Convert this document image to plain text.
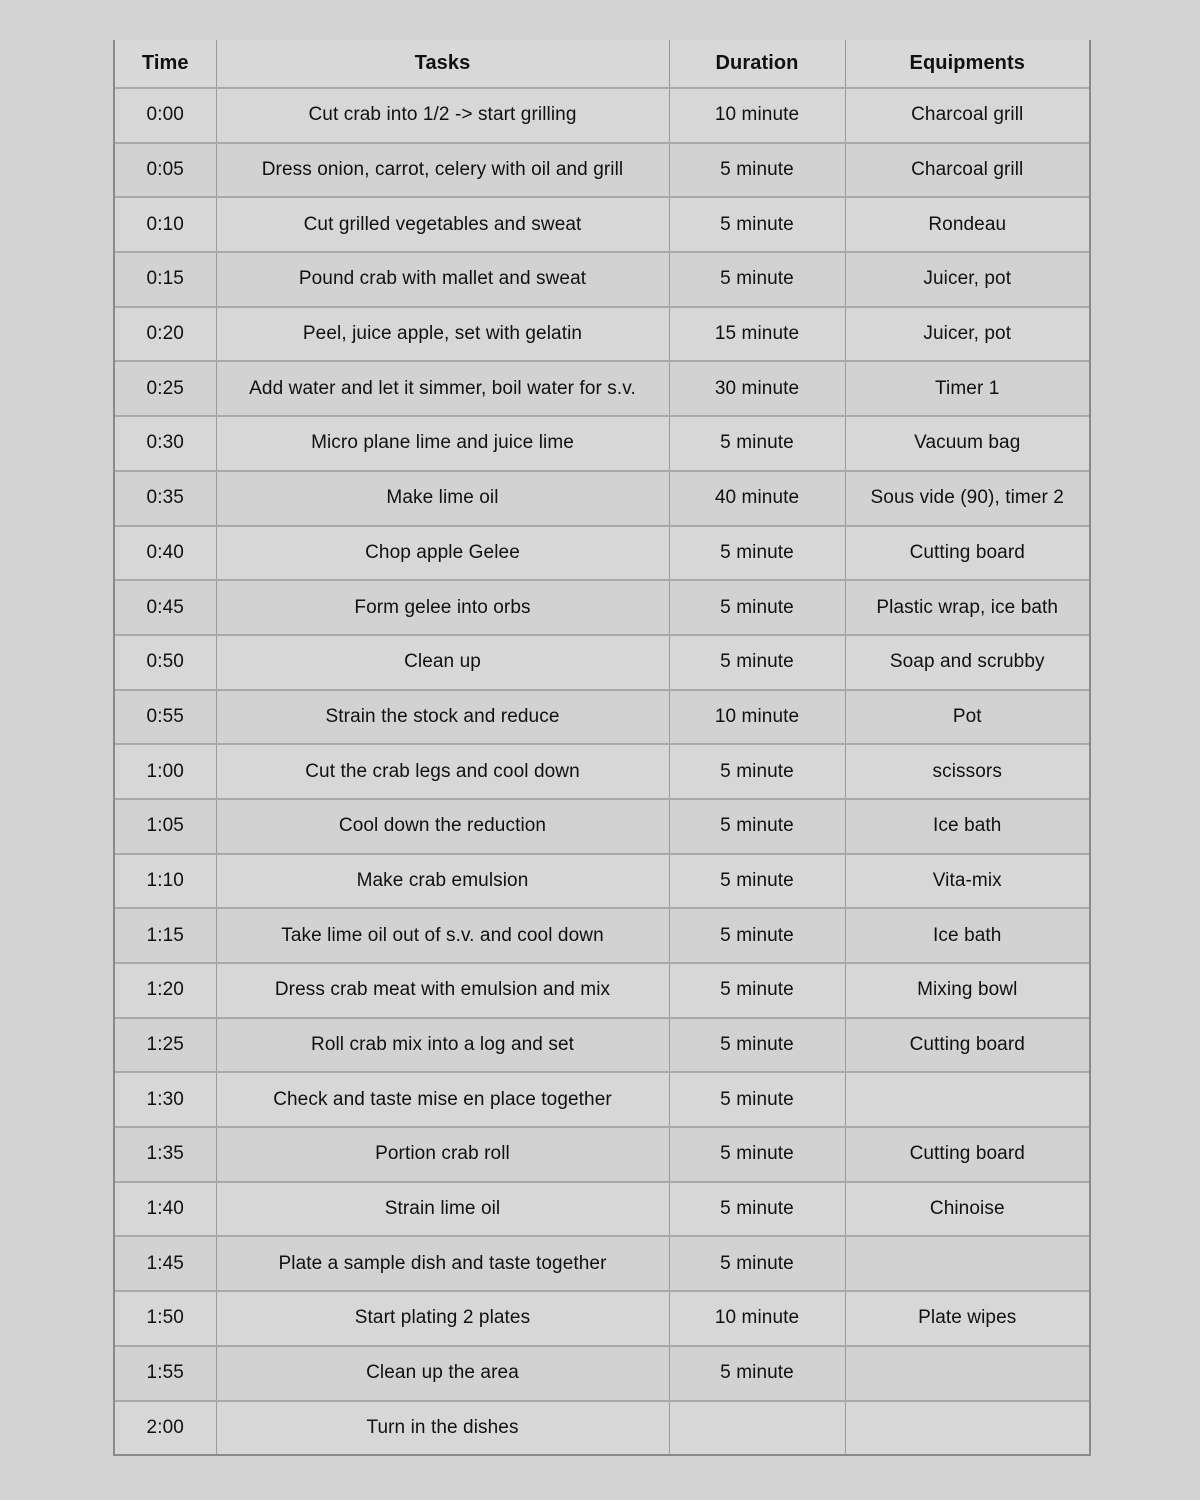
Time	Tasks	Duration	Equipments
0:00	Cut crab into 1/2 -> start grilling	10 minute	Charcoal grill
0:05	Dress onion, carrot, celery with oil and grill	5 minute	Charcoal grill
0:10	Cut grilled vegetables and sweat	5 minute	Rondeau
0:15	Pound crab with mallet and sweat	5 minute	Juicer, pot
0:20	Peel, juice apple, set with gelatin	15 minute	Juicer, pot
0:25	Add water and let it simmer, boil water for s.v.	30 minute	Timer 1
0:30	Micro plane lime and juice lime	5 minute	Vacuum bag
0:35	Make lime oil	40 minute	Sous vide (90), timer 2
0:40	Chop apple Gelee	5 minute	Cutting board
0:45	Form gelee into orbs	5 minute	Plastic wrap, ice bath
0:50	Clean up	5 minute	Soap and scrubby
0:55	Strain the stock and reduce	10 minute	Pot
1:00	Cut the crab legs and cool down	5 minute	scissors
1:05	Cool down the reduction	5 minute	Ice bath
1:10	Make crab emulsion	5 minute	Vita-mix
1:15	Take lime oil out of s.v. and cool down	5 minute	Ice bath
1:20	Dress crab meat with emulsion and mix	5 minute	Mixing bowl
1:25	Roll crab mix into a log and set	5 minute	Cutting board
1:30	Check and taste mise en place together	5 minute	
1:35	Portion crab roll	5 minute	Cutting board
1:40	Strain lime oil	5 minute	Chinoise
1:45	Plate a sample dish and taste together	5 minute	
1:50	Start plating 2 plates	10 minute	Plate wipes
1:55	Clean up the area	5 minute	
2:00	Turn in the dishes		
